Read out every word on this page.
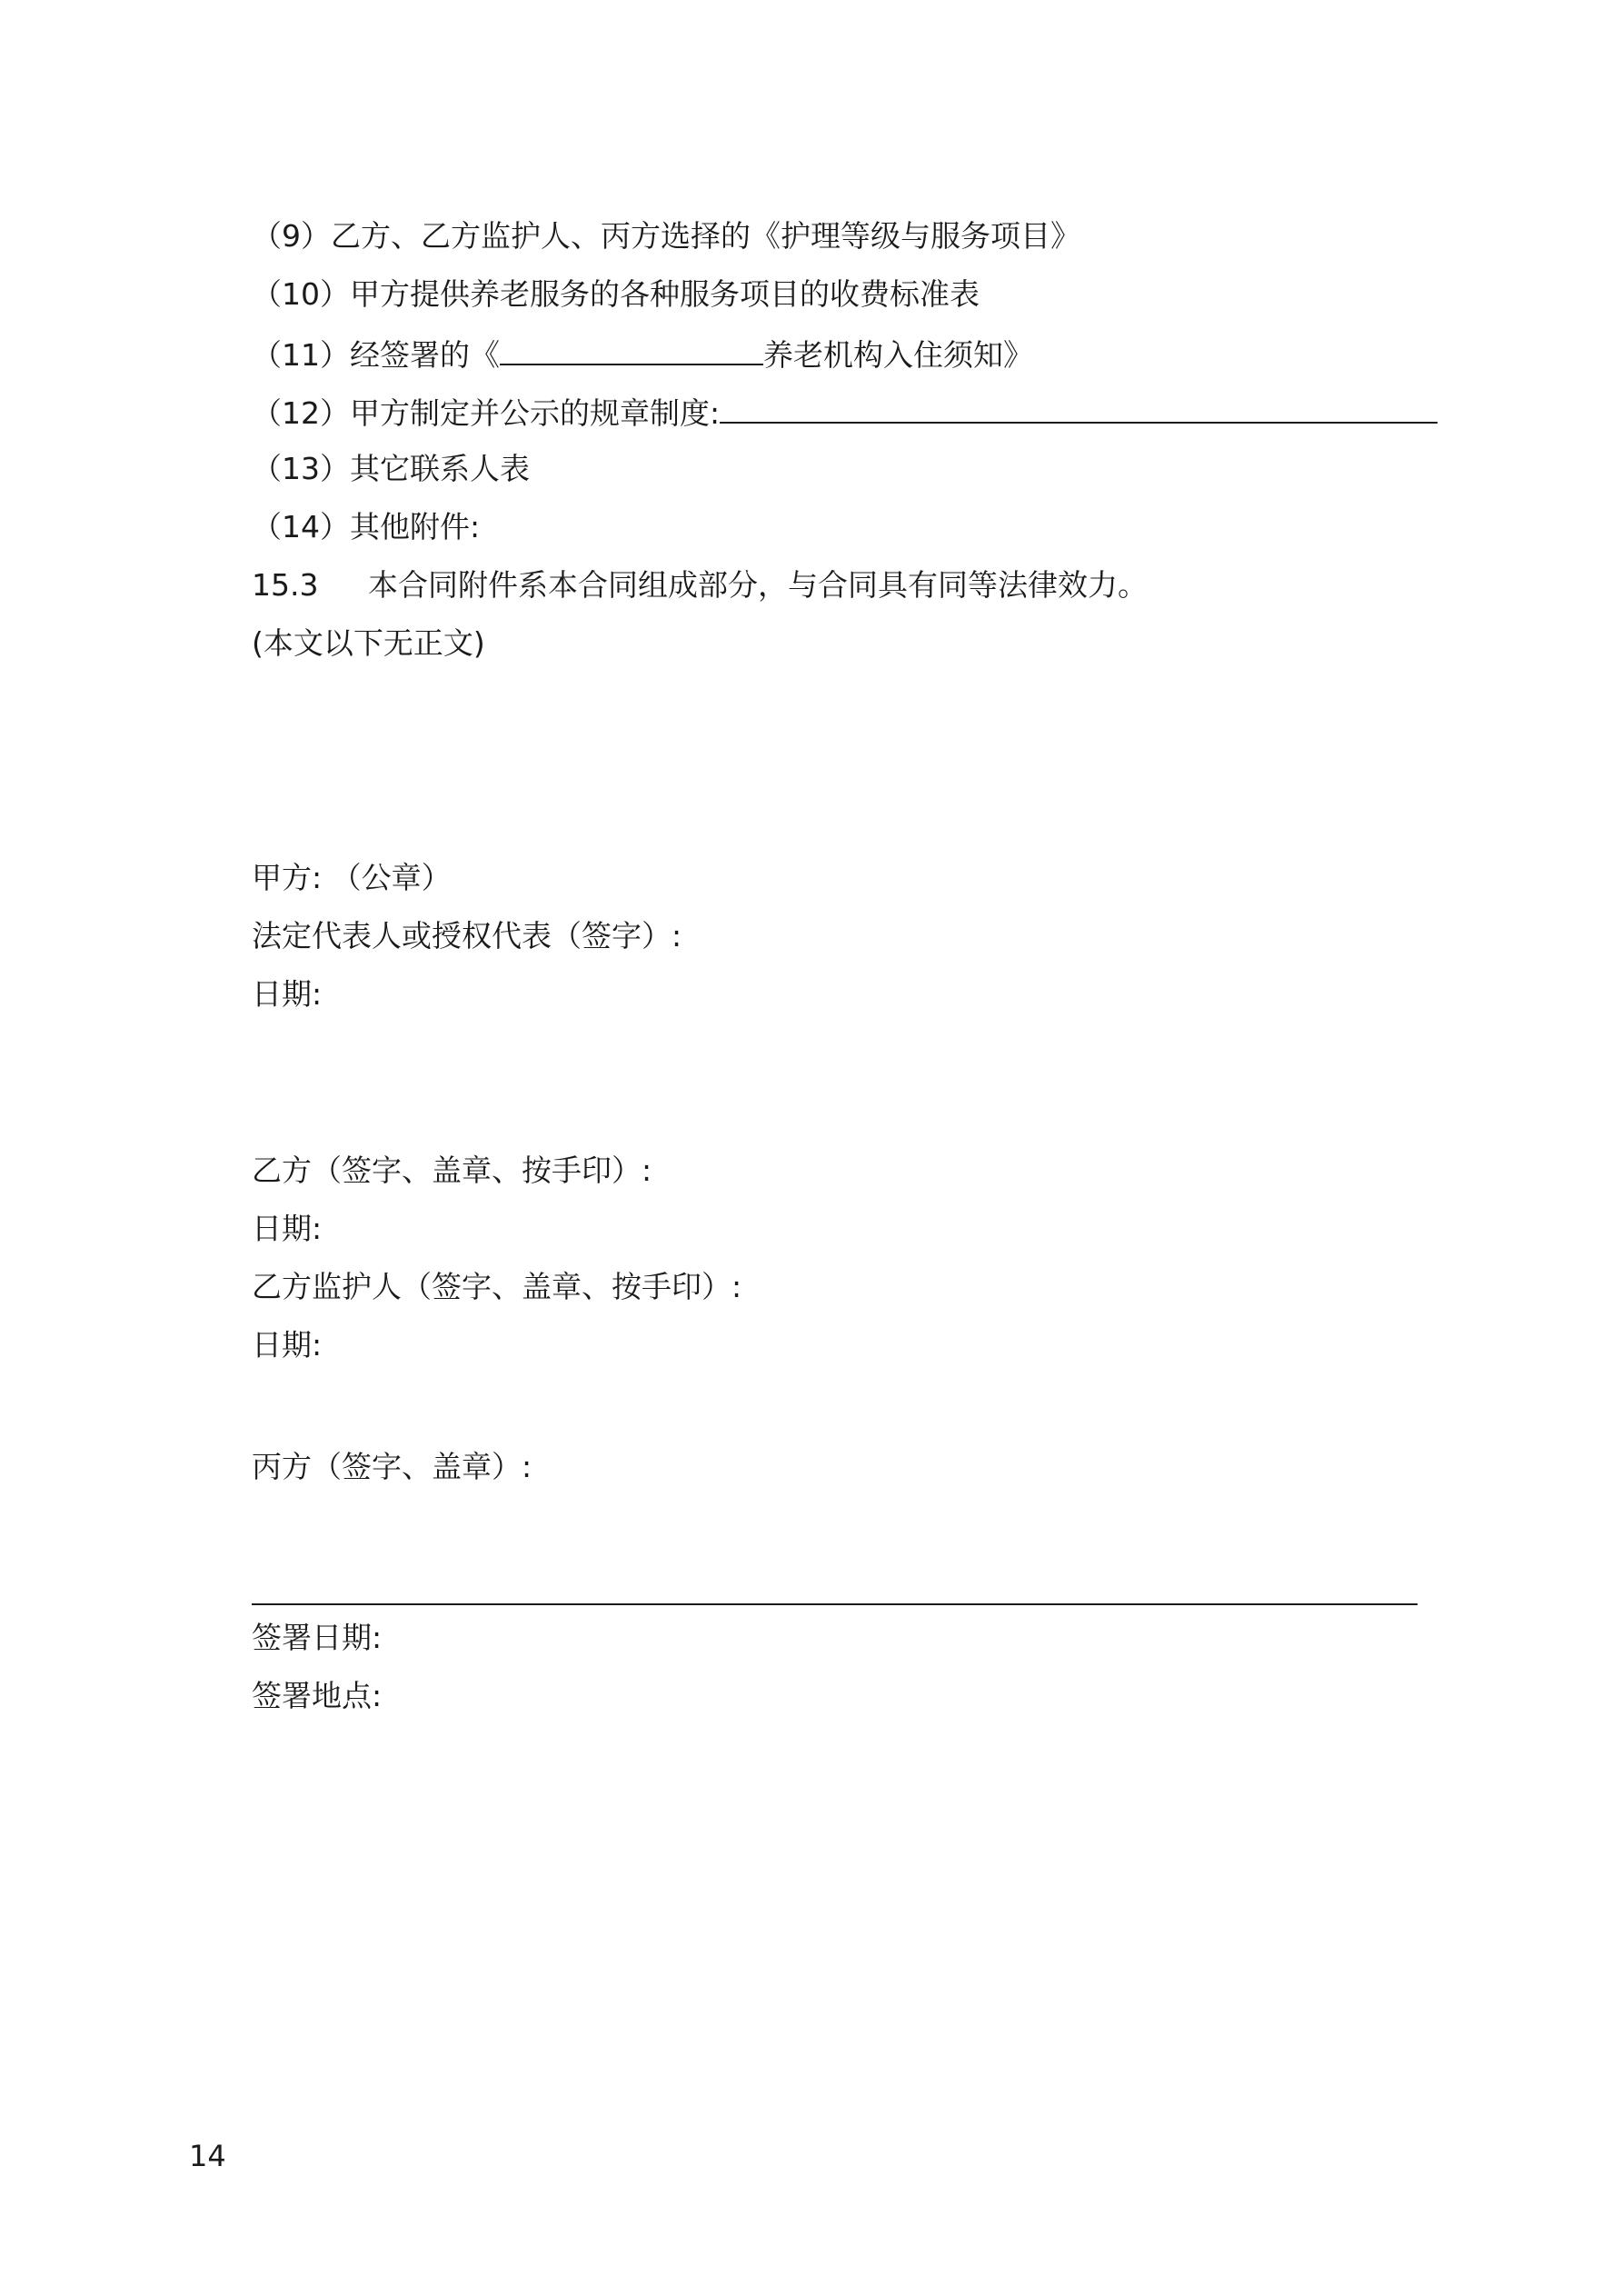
（9）乙方、乙方监护人、丙方选择的《护理等级与服务项目》
（10）甲方提供养老服务的各种服务项目的收费标准表
（11）经签署的《	养老机构入住须知》
（12）甲方制定并公示的规章制度:
（13）其它联系人表
（14）其他附件:
15.3 本合同附件系本合同组成部分，与合同具有同等法律效力。
(本文以下无正文)
甲方: （公章）
法定代表人或授权代表（签字）:
日期:
乙方（签字、盖章、按手印）:
日期:
乙方监护人（签字、盖章、按手印）:
日期:
丙方（签字、盖章）:
签署日期:
签署地点:
14
